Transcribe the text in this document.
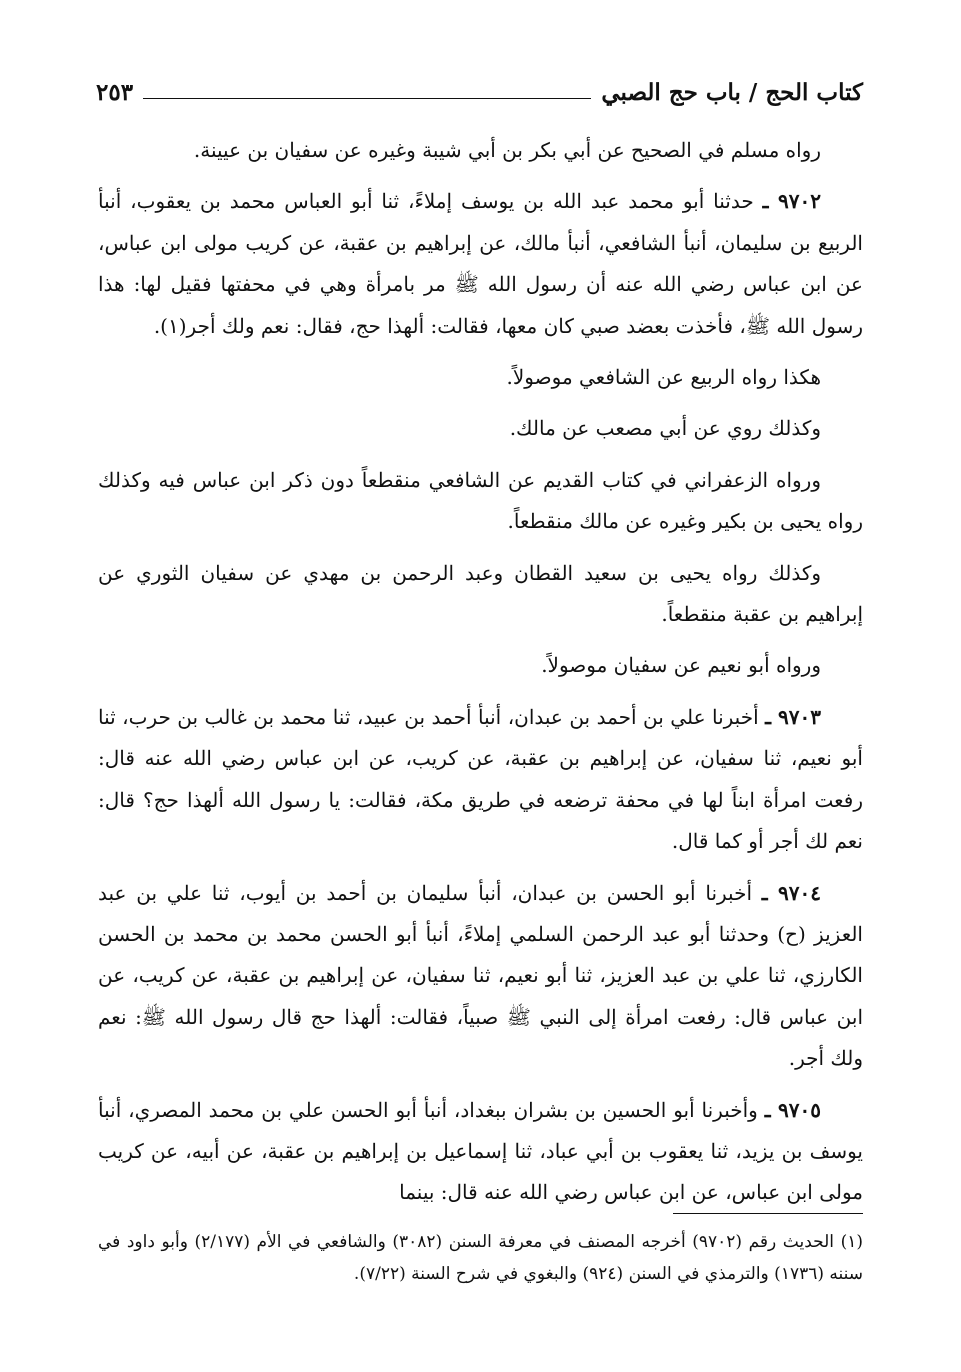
كتاب الحج / باب حج الصبي
٢٥٣

رواه مسلم في الصحيح عن أبي بكر بن أبي شيبة وغيره عن سفيان بن عيينة.

٩٧٠٢ ـ حدثنا أبو محمد عبد الله بن يوسف إملاءً، ثنا أبو العباس محمد بن يعقوب، أنبأ الربيع بن سليمان، أنبأ الشافعي، أنبأ مالك، عن إبراهيم بن عقبة، عن كريب مولى ابن عباس، عن ابن عباس رضي الله عنه أن رسول الله ﷺ مر بامرأة وهي في محفتها فقيل لها: هذا رسول الله ﷺ، فأخذت بعضد صبي كان معها، فقالت: ألهذا حج، فقال: نعم ولك أجر(١).

هكذا رواه الربيع عن الشافعي موصولاً.

وكذلك روي عن أبي مصعب عن مالك.

ورواه الزعفراني في كتاب القديم عن الشافعي منقطعاً دون ذكر ابن عباس فيه وكذلك رواه يحيى بن بكير وغيره عن مالك منقطعاً.

وكذلك رواه يحيى بن سعيد القطان وعبد الرحمن بن مهدي عن سفيان الثوري عن إبراهيم بن عقبة منقطعاً.

ورواه أبو نعيم عن سفيان موصولاً.

٩٧٠٣ ـ أخبرنا علي بن أحمد بن عبدان، أنبأ أحمد بن عبيد، ثنا محمد بن غالب بن حرب، ثنا أبو نعيم، ثنا سفيان، عن إبراهيم بن عقبة، عن كريب، عن ابن عباس رضي الله عنه قال: رفعت امرأة ابناً لها في محفة ترضعه في طريق مكة، فقالت: يا رسول الله ألهذا حج؟ قال: نعم لك أجر أو كما قال.

٩٧٠٤ ـ أخبرنا أبو الحسن بن عبدان، أنبأ سليمان بن أحمد بن أيوب، ثنا علي بن عبد العزيز (ح) وحدثنا أبو عبد الرحمن السلمي إملاءً، أنبأ أبو الحسن محمد بن محمد بن الحسن الكارزي، ثنا علي بن عبد العزيز، ثنا أبو نعيم، ثنا سفيان، عن إبراهيم بن عقبة، عن كريب، عن ابن عباس قال: رفعت امرأة إلى النبي ﷺ صبياً، فقالت: ألهذا حج قال رسول الله ﷺ: نعم ولك أجر.

٩٧٠٥ ـ وأخبرنا أبو الحسين بن بشران ببغداد، أنبأ أبو الحسن علي بن محمد المصري، أنبأ يوسف بن يزيد، ثنا يعقوب بن أبي عباد، ثنا إسماعيل بن إبراهيم بن عقبة، عن أبيه، عن كريب مولى ابن عباس، عن ابن عباس رضي الله عنه قال: بينما

(١) الحديث رقم (٩٧٠٢) أخرجه المصنف في معرفة السنن (٣٠٨٢) والشافعي في الأم (٢/١٧٧) وأبو داود في سننه (١٧٣٦) والترمذي في السنن (٩٢٤) والبغوي في شرح السنة (٧/٢٢).
